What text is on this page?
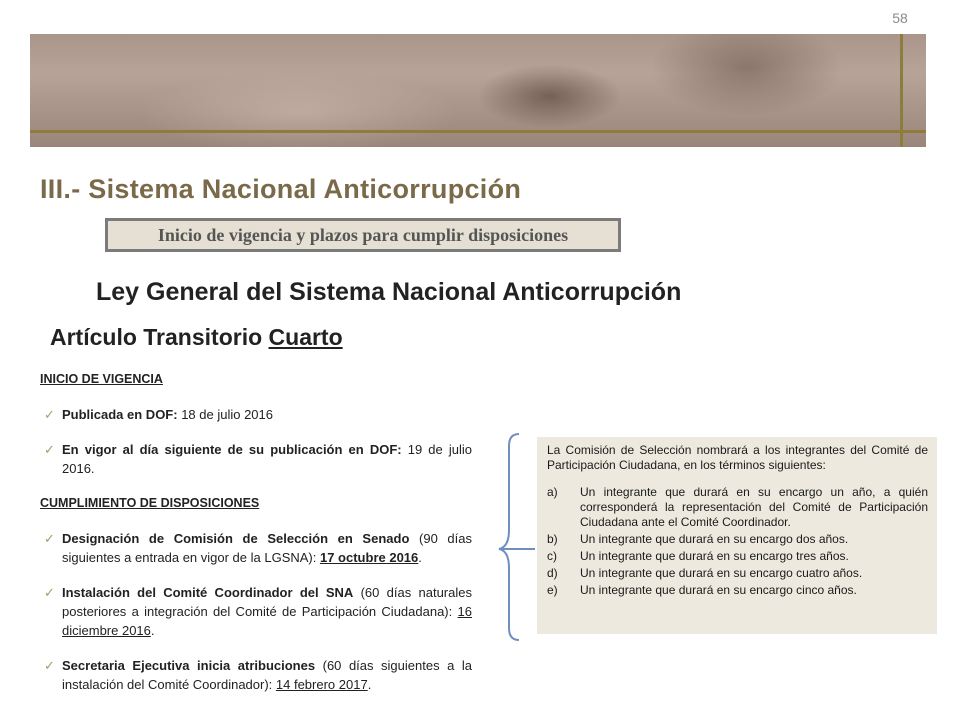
58
III.- Sistema Nacional Anticorrupción
Inicio de vigencia y plazos para cumplir disposiciones
Ley General del Sistema Nacional Anticorrupción
Artículo Transitorio Cuarto

INICIO DE VIGENCIA

✓ Publicada en DOF: 18 de julio 2016
✓ En vigor al día siguiente de su publicación en DOF: 19 de julio 2016.

CUMPLIMIENTO DE DISPOSICIONES

✓ Designación de Comisión de Selección en Senado (90 días siguientes a entrada en vigor de la LGSNA): 17 octubre 2016.
✓ Instalación del Comité Coordinador del SNA (60 días naturales posteriores a integración del Comité de Participación Ciudadana): 16 diciembre 2016.
✓ Secretaria Ejecutiva inicia atribuciones (60 días siguientes a la instalación del Comité Coordinador): 14 febrero 2017.

La Comisión de Selección nombrará a los integrantes del Comité de Participación Ciudadana, en los términos siguientes:

a)	Un integrante que durará en su encargo un año, a quién corresponderá la representación del Comité de Participación Ciudadana ante el Comité Coordinador.
b)	Un integrante que durará en su encargo dos años.
c)	Un integrante que durará en su encargo tres años.
d)	Un integrante que durará en su encargo cuatro años.
e)	Un integrante que durará en su encargo cinco años.
